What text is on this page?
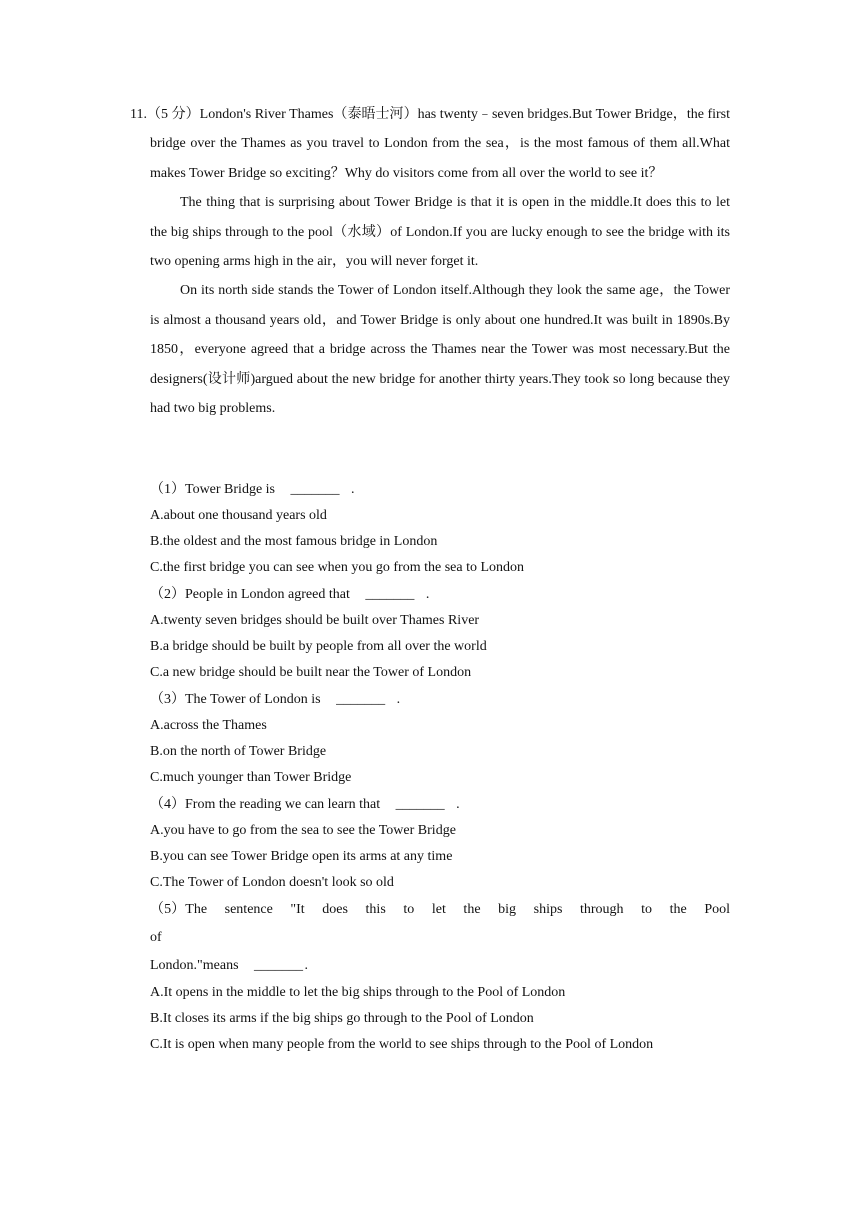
11.（5 分）London's River Thames（泰晤士河）has twenty﹣seven bridges.But Tower Bridge，the first bridge over the Thames as you travel to London from the sea，is the most famous of them all.What makes Tower Bridge so exciting？Why do visitors come from all over the world to see it？

The thing that is surprising about Tower Bridge is that it is open in the middle.It does this to let the big ships through to the pool（水域）of London.If you are lucky enough to see the bridge with its two opening arms high in the air，you will never forget it.

On its north side stands the Tower of London itself.Although they look the same age，the Tower is almost a thousand years old，and Tower Bridge is only about one hundred.It was built in 1890s.By 1850，everyone agreed that a bridge across the Thames near the Tower was most necessary.But the designers(设计师)argued about the new bridge for another thirty years.They took so long because they had two big problems.

（1）Tower Bridge is _______ .

A.about one thousand years old

B.the oldest and the most famous bridge in London

C.the first bridge you can see when you go from the sea to London

（2）People in London agreed that _______ .

A.twenty seven bridges should be built over Thames River

B.a bridge should be built by people from all over the world

C.a new bridge should be built near the Tower of London

（3）The Tower of London is _______ .

A.across the Thames

B.on the north of Tower Bridge

C.much younger than Tower Bridge

（4）From the reading we can learn that _______ .

A.you have to go from the sea to see the Tower Bridge

B.you can see Tower Bridge open its arms at any time

C.The Tower of London doesn't look so old

（5）The sentence "It does this to let the big ships through to the Pool of

London."means _______ .

A.It opens in the middle to let the big ships through to the Pool of London

B.It closes its arms if the big ships go through to the Pool of London

C.It is open when many people from the world to see ships through to the Pool of London
